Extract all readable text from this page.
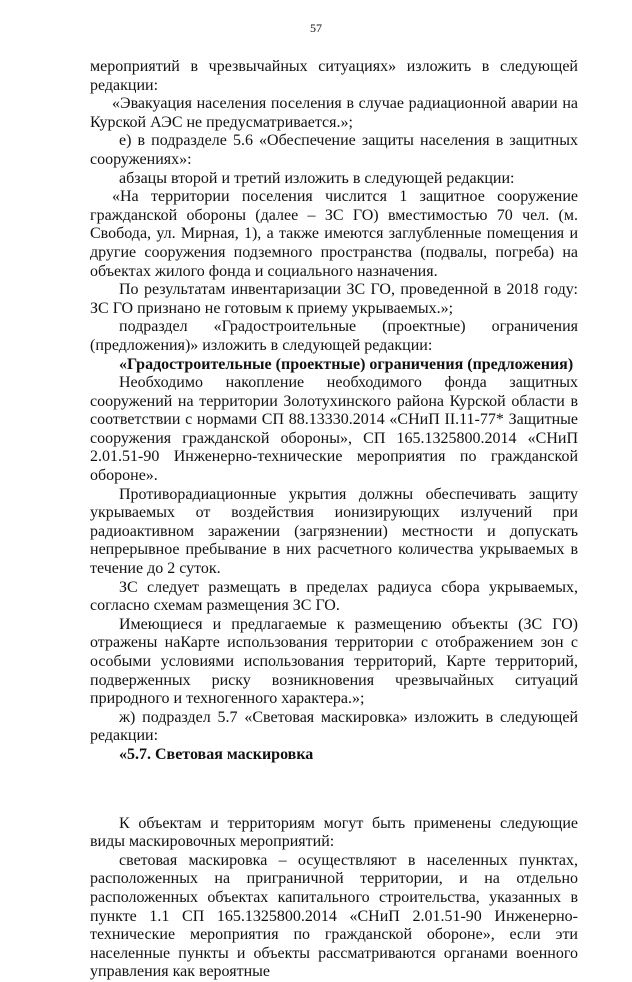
57

мероприятий в чрезвычайных ситуациях» изложить в следующей редакции:

«Эвакуация населения поселения в случае радиационной аварии на Курской АЭС не предусматривается.»;

е) в подразделе 5.6 «Обеспечение защиты населения в защитных сооружениях»:

абзацы второй и третий изложить в следующей редакции:

«На территории поселения числится 1 защитное сооружение гражданской обороны (далее – ЗС ГО) вместимостью 70 чел. (м. Свобода, ул. Мирная, 1), а также имеются заглубленные помещения и другие сооружения подземного пространства (подвалы, погреба) на объектах жилого фонда и социального назначения.

По результатам инвентаризации ЗС ГО, проведенной в 2018 году: ЗС ГО признано не готовым к приему укрываемых.»;

подраздел «Градостроительные (проектные) ограничения (предложения)» изложить в следующей редакции:

«Градостроительные (проектные) ограничения (предложения)

Необходимо накопление необходимого фонда защитных сооружений на территории Золотухинского района Курской области в соответствии с нормами СП 88.13330.2014 «СНиП II.11-77* Защитные сооружения гражданской обороны», СП 165.1325800.2014 «СНиП 2.01.51-90 Инженерно-технические мероприятия по гражданской обороне».

Противорадиационные укрытия должны обеспечивать защиту укрываемых от воздействия ионизирующих излучений при радиоактивном заражении (загрязнении) местности и допускать непрерывное пребывание в них расчетного количества укрываемых в течение до 2 суток.

ЗС следует размещать в пределах радиуса сбора укрываемых, согласно схемам размещения ЗС ГО.

Имеющиеся и предлагаемые к размещению объекты (ЗС ГО) отражены наКарте использования территории с отображением зон с особыми условиями использования территорий, Карте территорий, подверженных риску возникновения чрезвычайных ситуаций природного и техногенного характера.»;

ж) подраздел 5.7 «Световая маскировка» изложить в следующей редакции:

«5.7. Световая маскировка

К объектам и территориям могут быть применены следующие виды маскировочных мероприятий:

световая маскировка – осуществляют в населенных пунктах, расположенных на приграничной территории, и на отдельно расположенных объектах капитального строительства, указанных в пункте 1.1 СП 165.1325800.2014 «СНиП 2.01.51-90 Инженерно-технические мероприятия по гражданской обороне», если эти населенные пункты и объекты рассматриваются органами военного управления как вероятные
